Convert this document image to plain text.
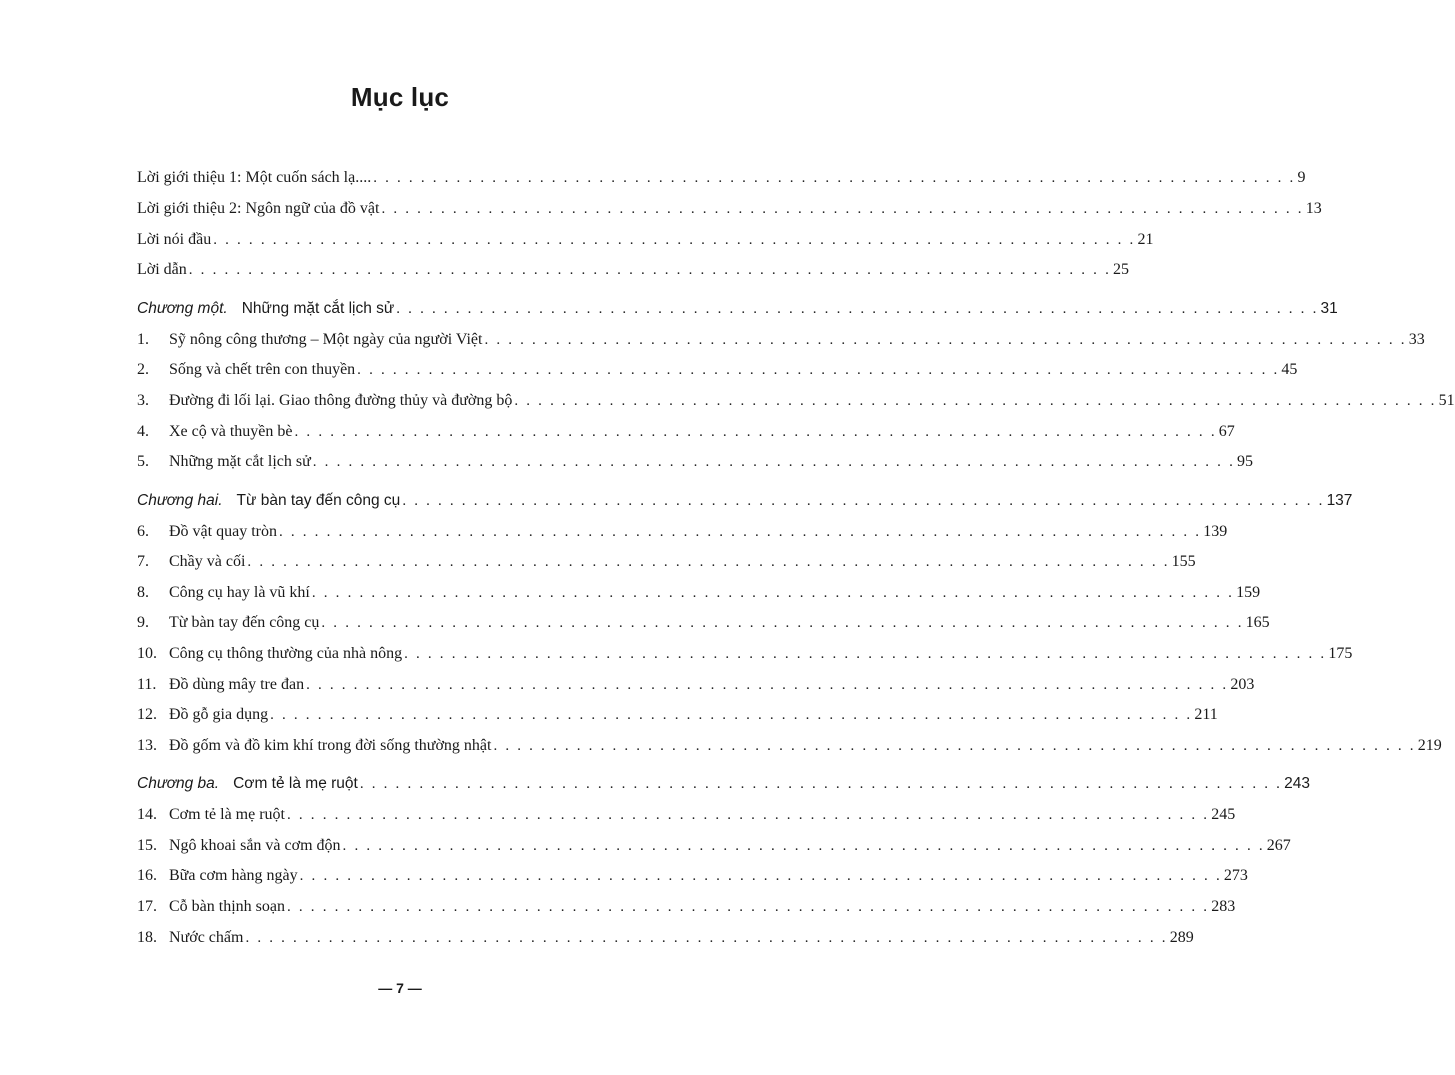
Mục lục
Lời giới thiệu 1: Một cuốn sách lạ.... . . . . . . . . . . . . . . . . . . . . . . . . . . . . . . . . . . . . . . . . . . . . . . . . . . . . . . . . . . . . . . . . . . . . . . . . . . . . . . 9
Lời giới thiệu 2: Ngôn ngữ của đồ vật . . . . . . . . . . . . . . . . . . . . . . . . . . . . . . . . . . . . . . . . . . . . . . . . . . . . . . . . . . . . . . . . . . . . . . . . . . . . . . 13
Lời nói đầu . . . . . . . . . . . . . . . . . . . . . . . . . . . . . . . . . . . . . . . . . . . . . . . . . . . . . . . . . . . . . . . . . . . . . . . . . . . . . . 21
Lời dẫn . . . . . . . . . . . . . . . . . . . . . . . . . . . . . . . . . . . . . . . . . . . . . . . . . . . . . . . . . . . . . . . . . . . . . . . . . . . . . . 25
Chương một. Những mặt cắt lịch sử . . . . . . . . . . . . . . . . . . . . . . . . . . . . . . . . . . . . . . . . . . . . . . . . . . . . . . . . . . . . . . . . . . . . . . . . . . . . . . 31
1.	Sỹ nông công thương – Một ngày của người Việt . . . . . . . . . . . . . . . . . . . . . . . . . . . . . . . . . . . . . . . . . . . . . . . . . . . . . . . . . . . . . . . . . . . . . . . . . . . . . . 33
2.	Sống và chết trên con thuyền . . . . . . . . . . . . . . . . . . . . . . . . . . . . . . . . . . . . . . . . . . . . . . . . . . . . . . . . . . . . . . . . . . . . . . . . . . . . . . 45
3.	Đường đi lối lại. Giao thông đường thủy và đường bộ . . . . . . . . . . . . . . . . . . . . . . . . . . . . . . . . . . . . . . . . . . . . . . . . . . . . . . . . . . . . . . . . . . . . . . . . . . . . . . 51
4.	Xe cộ và thuyền bè . . . . . . . . . . . . . . . . . . . . . . . . . . . . . . . . . . . . . . . . . . . . . . . . . . . . . . . . . . . . . . . . . . . . . . . . . . . . . . 67
5.	Những mặt cắt lịch sử . . . . . . . . . . . . . . . . . . . . . . . . . . . . . . . . . . . . . . . . . . . . . . . . . . . . . . . . . . . . . . . . . . . . . . . . . . . . . . 95
Chương hai. Từ bàn tay đến công cụ . . . . . . . . . . . . . . . . . . . . . . . . . . . . . . . . . . . . . . . . . . . . . . . . . . . . . . . . . . . . . . . . . . . . . . . . . . . . . . 137
6.	Đồ vật quay tròn . . . . . . . . . . . . . . . . . . . . . . . . . . . . . . . . . . . . . . . . . . . . . . . . . . . . . . . . . . . . . . . . . . . . . . . . . . . . . . 139
7.	Chầy và cối . . . . . . . . . . . . . . . . . . . . . . . . . . . . . . . . . . . . . . . . . . . . . . . . . . . . . . . . . . . . . . . . . . . . . . . . . . . . . . 155
8.	Công cụ hay là vũ khí . . . . . . . . . . . . . . . . . . . . . . . . . . . . . . . . . . . . . . . . . . . . . . . . . . . . . . . . . . . . . . . . . . . . . . . . . . . . . . 159
9.	Từ bàn tay đến công cụ . . . . . . . . . . . . . . . . . . . . . . . . . . . . . . . . . . . . . . . . . . . . . . . . . . . . . . . . . . . . . . . . . . . . . . . . . . . . . . 165
10. Công cụ thông thường của nhà nông . . . . . . . . . . . . . . . . . . . . . . . . . . . . . . . . . . . . . . . . . . . . . . . . . . . . . . . . . . . . . . . . . . . . . . . . . . . . . . 175
11. Đồ dùng mây tre đan . . . . . . . . . . . . . . . . . . . . . . . . . . . . . . . . . . . . . . . . . . . . . . . . . . . . . . . . . . . . . . . . . . . . . . . . . . . . . . 203
12. Đồ gỗ gia dụng . . . . . . . . . . . . . . . . . . . . . . . . . . . . . . . . . . . . . . . . . . . . . . . . . . . . . . . . . . . . . . . . . . . . . . . . . . . . . . 211
13. Đồ gốm và đồ kim khí trong đời sống thường nhật . . . . . . . . . . . . . . . . . . . . . . . . . . . . . . . . . . . . . . . . . . . . . . . . . . . . . . . . . . . . . . . . . . . . . . . . . . . . . . 219
Chương ba. Cơm tẻ là mẹ ruột . . . . . . . . . . . . . . . . . . . . . . . . . . . . . . . . . . . . . . . . . . . . . . . . . . . . . . . . . . . . . . . . . . . . . . . . . . . . . . 243
14. Cơm tẻ là mẹ ruột . . . . . . . . . . . . . . . . . . . . . . . . . . . . . . . . . . . . . . . . . . . . . . . . . . . . . . . . . . . . . . . . . . . . . . . . . . . . . . 245
15. Ngô khoai sắn và cơm độn . . . . . . . . . . . . . . . . . . . . . . . . . . . . . . . . . . . . . . . . . . . . . . . . . . . . . . . . . . . . . . . . . . . . . . . . . . . . . . 267
16. Bữa cơm hàng ngày . . . . . . . . . . . . . . . . . . . . . . . . . . . . . . . . . . . . . . . . . . . . . . . . . . . . . . . . . . . . . . . . . . . . . . . . . . . . . . 273
17. Cỗ bàn thịnh soạn . . . . . . . . . . . . . . . . . . . . . . . . . . . . . . . . . . . . . . . . . . . . . . . . . . . . . . . . . . . . . . . . . . . . . . . . . . . . . . 283
18. Nước chấm . . . . . . . . . . . . . . . . . . . . . . . . . . . . . . . . . . . . . . . . . . . . . . . . . . . . . . . . . . . . . . . . . . . . . . . . . . . . . . 289
— 7 —
